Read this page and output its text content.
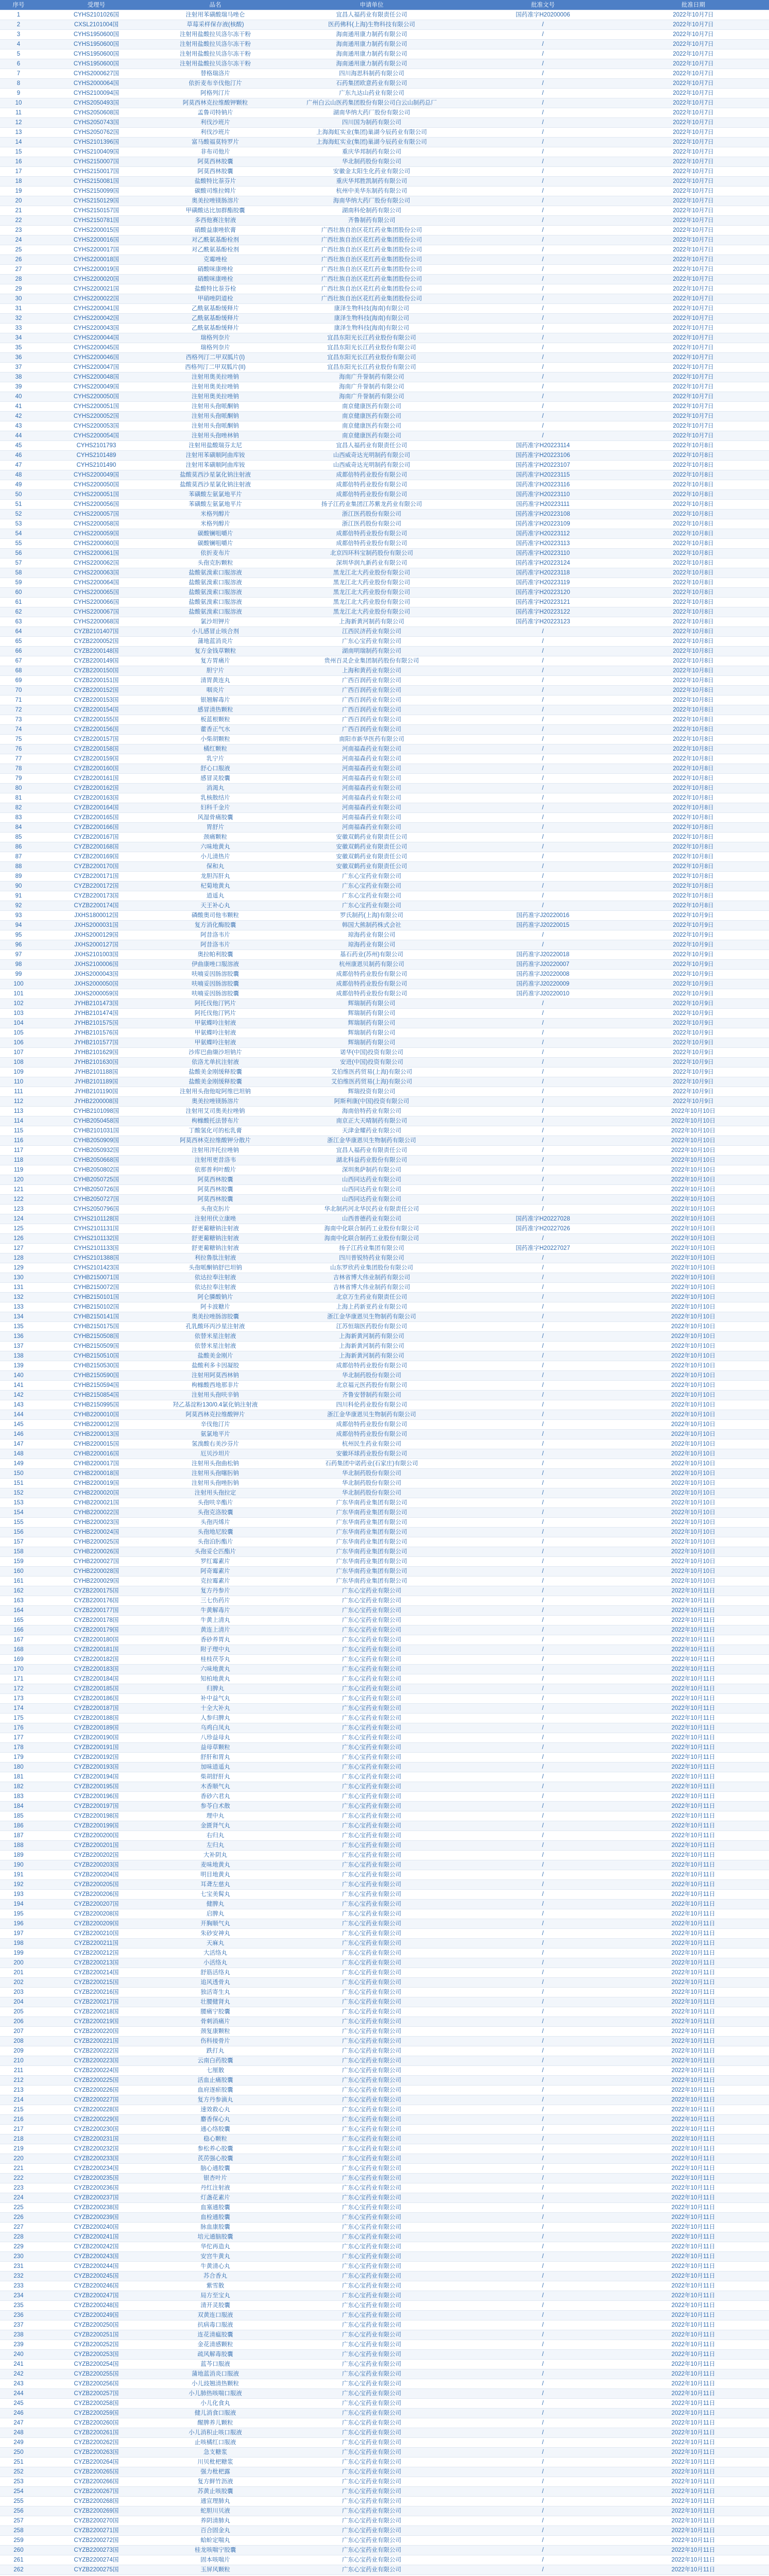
序号	受理号	品名	申请单位	批准文号	批准日期
1	CYHS2101026国	注射用苯磺酸瑞马唑仑	宜昌人福药业有限责任公司	国药准字H20200006	2022年10月7日
2	CXSL2101004国	草莓采样保存液(核酸)	医药佛科(上海)生物科技有限公司	/	2022年10月7日
3	CYHS1950600国	注射用盐酸拉贝洛尔冻干粉	海南通用康力制药有限公司	/	2022年10月7日
4	CYHS1950600国	注射用盐酸拉贝洛尔冻干粉	海南通用康力制药有限公司	/	2022年10月7日
5	CYHS1950600国	注射用盐酸拉贝洛尔冻干粉	海南通用康力制药有限公司	/	2022年10月7日
6	CYHS1950600国	注射用盐酸拉贝洛尔冻干粉	海南通用康力制药有限公司	/	2022年10月7日
7	CYHS2000627国	替格瑞洛片	四川海思科制药有限公司	/	2022年10月7日
8	CYHS2000064国	依折麦布辛伐他汀片	石药集团欧意药业有限公司	/	2022年10月7日
9	CYHS2100094国	阿格列汀片	广东九达山药业有限公司	/	2022年10月7日
10	CYHS2050493国	阿莫西林克拉维酸钾颗粒	广州白云山医药集团股份有限公司白云山制药总厂	/	2022年10月7日
11	CYHS2050608国	孟鲁司特钠片	湖南华纳大药厂股份有限公司	/	2022年10月7日
12	CYHS2050743国	利伐沙班片	四川国为制药有限公司	/	2022年10月7日
13	CYHS2050762国	利伐沙班片	上海海虹实业(集团)巢湖今辰药业有限公司	/	2022年10月7日
14	CYHS2101396国	富马酸福莫特罗片	上海海虹实业(集团)巢湖今辰药业有限公司	/	2022年10月7日
15	CYHS2100409国	非布司他片	重庆华邦制药有限公司	/	2022年10月7日
16	CYHS2150007国	阿莫西林胶囊	华北制药股份有限公司	/	2022年10月7日
17	CYHS2150017国	阿莫西林胶囊	安徽金太阳生化药业有限公司	/	2022年10月7日
18	CYHS2150081国	盐酸特比萘芬片	重庆华邦胜凯制药有限公司	/	2022年10月7日
19	CYHS2150099国	碳酸司维拉姆片	杭州中美华东制药有限公司	/	2022年10月7日
20	CYHS2150129国	奥美拉唑镁肠溶片	海南华纳大药厂股份有限公司	/	2022年10月7日
21	CYHS2150157国	甲磺酸达比加群酯胶囊	湖南科伦制药有限公司	/	2022年10月7日
22	CYHS2150781国	多西他赛注射液	齐鲁制药有限公司	/	2022年10月7日
23	CYHS2200015国	硝酸益康唑软膏	广西壮族自治区花红药业集团股份公司	/	2022年10月7日
24	CYHS2200016国	对乙酰氨基酚栓剂	广西壮族自治区花红药业集团股份公司	/	2022年10月7日
25	CYHS2200017国	对乙酰氨基酚栓剂	广西壮族自治区花红药业集团股份公司	/	2022年10月7日
26	CYHS2200018国	克霉唑栓	广西壮族自治区花红药业集团股份公司	/	2022年10月7日
27	CYHS2200019国	硝酸咪康唑栓	广西壮族自治区花红药业集团股份公司	/	2022年10月7日
28	CYHS2200020国	硝酸咪康唑栓	广西壮族自治区花红药业集团股份公司	/	2022年10月7日
29	CYHS2200021国	盐酸特比萘芬栓	广西壮族自治区花红药业集团股份公司	/	2022年10月7日
30	CYHS2200022国	甲硝唑阴道栓	广西壮族自治区花红药业集团股份公司	/	2022年10月7日
31	CYHS2200041国	乙酰氨基酚缓释片	康泽生物科技(海南)有限公司	/	2022年10月7日
32	CYHS2200042国	乙酰氨基酚缓释片	康泽生物科技(海南)有限公司	/	2022年10月7日
33	CYHS2200043国	乙酰氨基酚缓释片	康泽生物科技(海南)有限公司	/	2022年10月7日
34	CYHS2200044国	瑞格列奈片	宜昌东阳光长江药业股份有限公司	/	2022年10月7日
35	CYHS2200045国	瑞格列奈片	宜昌东阳光长江药业股份有限公司	/	2022年10月7日
36	CYHS2200046国	西格列汀二甲双胍片(I)	宜昌东阳光长江药业股份有限公司	/	2022年10月7日
37	CYHS2200047国	西格列汀二甲双胍片(II)	宜昌东阳光长江药业股份有限公司	/	2022年10月7日
38	CYHS2200048国	注射用奥美拉唑钠	海南广升誉制药有限公司	/	2022年10月7日
39	CYHS2200049国	注射用奥美拉唑钠	海南广升誉制药有限公司	/	2022年10月7日
40	CYHS2200050国	注射用奥美拉唑钠	海南广升誉制药有限公司	/	2022年10月7日
41	CYHS2200051国	注射用头孢哌酮钠	南京健康医药有限公司	/	2022年10月7日
42	CYHS2200052国	注射用头孢哌酮钠	南京健康医药有限公司	/	2022年10月7日
43	CYHS2200053国	注射用头孢哌酮钠	南京健康医药有限公司	/	2022年10月7日
44	CYHS2200054国	注射用头孢唑林钠	南京健康医药有限公司	/	2022年10月7日
45	CYHS2101793	注射用盐酸瑞芬太尼	宜昌人福药业有限责任公司	国药准字H20223114	2022年10月8日
46	CYHS2101489	注射用苯磺顺阿曲库铵	山西威奇达光明制药有限公司	国药准字H20223106	2022年10月8日
47	CYHS2101490	注射用苯磺顺阿曲库铵	山西威奇达光明制药有限公司	国药准字H20223107	2022年10月8日
48	CYHS2200049国	盐酸莫西沙星氯化钠注射液	成都倍特药业股份有限公司	国药准字H20223115	2022年10月8日
49	CYHS2200050国	盐酸莫西沙星氯化钠注射液	成都倍特药业股份有限公司	国药准字H20223116	2022年10月8日
50	CYHS2200051国	苯磺酸左氨氯地平片	成都倍特药业股份有限公司	国药准字H20223110	2022年10月8日
51	CYHS2200056国	苯磺酸左氨氯地平片	扬子江药业集团江苏紫龙药业有限公司	国药准字H20223111	2022年10月8日
52	CYHS2200057国	米格列醇片	浙江医药股份有限公司	国药准字H20223108	2022年10月8日
53	CYHS2200058国	米格列醇片	浙江医药股份有限公司	国药准字H20223109	2022年10月8日
54	CYHS2200059国	碳酸镧咀嚼片	成都倍特药业股份有限公司	国药准字H20223112	2022年10月8日
55	CYHS2200060国	碳酸镧咀嚼片	成都倍特药业股份有限公司	国药准字H20223113	2022年10月8日
56	CYHS2200061国	依折麦布片	北京四环科宝制药股份有限公司	国药准字H20223110	2022年10月8日
57	CYHS2200062国	头孢克肟颗粒	深圳华润九新药业有限公司	国药准字H20223124	2022年10月8日
58	CYHS2200063国	盐酸氨溴索口服溶液	黑龙江北大药业股份有限公司	国药准字H20223118	2022年10月8日
59	CYHS2200064国	盐酸氨溴索口服溶液	黑龙江北大药业股份有限公司	国药准字H20223119	2022年10月8日
60	CYHS2200065国	盐酸氨溴索口服溶液	黑龙江北大药业股份有限公司	国药准字H20223120	2022年10月8日
61	CYHS2200066国	盐酸氨溴索口服溶液	黑龙江北大药业股份有限公司	国药准字H20223121	2022年10月8日
62	CYHS2200067国	盐酸氨溴索口服溶液	黑龙江北大药业股份有限公司	国药准字H20223122	2022年10月8日
63	CYHS2200068国	氯沙坦钾片	上海新黄河制药有限公司	国药准字H20223123	2022年10月8日
64	CYZB2101407国	小儿感冒止咳合剂	江西民济药业有限公司	/	2022年10月8日
65	CYZB2200052国	蒲地蓝消炎片	广东心宝药业有限公司	/	2022年10月8日
66	CYZB2200148国	复方金钱草颗粒	湖南明瑞制药有限公司	/	2022年10月8日
67	CYZB2200149国	复方胃痛片	贵州百灵企业集团制药股份有限公司	/	2022年10月8日
68	CYZB2200150国	胆宁片	上海和黄药业有限公司	/	2022年10月8日
69	CYZB2200151国	清胃黄连丸	广西百润药业有限公司	/	2022年10月8日
70	CYZB2200152国	咽炎片	广西百润药业有限公司	/	2022年10月8日
71	CYZB2200153国	银翘解毒片	广西百润药业有限公司	/	2022年10月8日
72	CYZB2200154国	感冒清热颗粒	广西百润药业有限公司	/	2022年10月8日
73	CYZB2200155国	板蓝根颗粒	广西百润药业有限公司	/	2022年10月8日
74	CYZB2200156国	藿香正气水	广西百润药业有限公司	/	2022年10月8日
75	CYZB2200157国	小柴胡颗粒	南阳市新华医药有限公司	/	2022年10月8日
76	CYZB2200158国	橘红颗粒	河南福森药业有限公司	/	2022年10月8日
77	CYZB2200159国	乳宁片	河南福森药业有限公司	/	2022年10月8日
78	CYZB2200160国	舒心口服液	河南福森药业有限公司	/	2022年10月8日
79	CYZB2200161国	感冒灵胶囊	河南福森药业有限公司	/	2022年10月8日
80	CYZB2200162国	消渴丸	河南福森药业有限公司	/	2022年10月8日
81	CYZB2200163国	乳核散结片	河南福森药业有限公司	/	2022年10月8日
82	CYZB2200164国	妇科千金片	河南福森药业有限公司	/	2022年10月8日
83	CYZB2200165国	风湿骨痛胶囊	河南福森药业有限公司	/	2022年10月8日
84	CYZB2200166国	胃舒片	河南福森药业有限公司	/	2022年10月8日
85	CYZB2200167国	颈痛颗粒	安徽双鹤药业有限责任公司	/	2022年10月8日
86	CYZB2200168国	六味地黄丸	安徽双鹤药业有限责任公司	/	2022年10月8日
87	CYZB2200169国	小儿清热片	安徽双鹤药业有限责任公司	/	2022年10月8日
88	CYZB2200170国	保和丸	安徽双鹤药业有限责任公司	/	2022年10月8日
89	CYZB2200171国	龙胆泻肝丸	广东心宝药业有限公司	/	2022年10月8日
90	CYZB2200172国	杞菊地黄丸	广东心宝药业有限公司	/	2022年10月8日
91	CYZB2200173国	逍遥丸	广东心宝药业有限公司	/	2022年10月8日
92	CYZB2200174国	天王补心丸	广东心宝药业有限公司	/	2022年10月8日
93	JXHS1800012国	磷酸奥司他韦颗粒	罗氏制药(上海)有限公司	国药准字J20220016	2022年10月9日
94	JXHS2000031国	复方消化酶胶囊	韩国大熊制药株式会社	国药准字J20220015	2022年10月9日
95	JXHS2000129国	阿昔洛韦片	琼海药业有限公司	/	2022年10月9日
96	JXHS2000127国	阿昔洛韦片	琼海药业有限公司	/	2022年10月9日
97	JXHS2101003国	奥拉帕利胶囊	基石药业(苏州)有限公司	国药准字J20220018	2022年10月9日
98	JXHS2100006国	伊曲康唑口服溶液	杭州康恩贝制药有限公司	国药准字J20220007	2022年10月9日
99	JXHS2000043国	呋喃妥因肠溶胶囊	成都倍特药业股份有限公司	国药准字J20220008	2022年10月9日
100	JXHS2000050国	呋喃妥因肠溶胶囊	成都倍特药业股份有限公司	国药准字J20220009	2022年10月9日
101	JXHS2000059国	呋喃妥因肠溶胶囊	成都倍特药业股份有限公司	国药准字J20220010	2022年10月9日
102	JYHB2101473国	阿托伐他汀钙片	辉瑞制药有限公司	/	2022年10月9日
103	JYHB2101474国	阿托伐他汀钙片	辉瑞制药有限公司	/	2022年10月9日
104	JYHB2101575国	甲氨蝶呤注射液	辉瑞制药有限公司	/	2022年10月9日
105	JYHB2101576国	甲氨蝶呤注射液	辉瑞制药有限公司	/	2022年10月9日
106	JYHB2101577国	甲氨蝶呤注射液	辉瑞制药有限公司	/	2022年10月9日
107	JYHB2101629国	沙库巴曲缬沙坦钠片	诺华(中国)投资有限公司	/	2022年10月9日
108	JYHB2101630国	依洛尤单抗注射液	安进(中国)投资有限公司	/	2022年10月9日
109	JYHB2101188国	盐酸美金刚缓释胶囊	艾伯维医药贸易(上海)有限公司	/	2022年10月9日
110	JYHB2101189国	盐酸美金刚缓释胶囊	艾伯维医药贸易(上海)有限公司	/	2022年10月9日
111	JYHB2101190国	注射用头孢他啶阿维巴坦钠	辉瑞投资有限公司	/	2022年10月9日
112	JYHB2200008国	奥美拉唑镁肠溶片	阿斯利康(中国)投资有限公司	/	2022年10月9日
113	CYHB2101098国	注射用艾司奥美拉唑钠	海南倍特药业有限公司	/	2022年10月10日
114	CYHB2050458国	枸橼酸托法替布片	南京正大天晴制药有限公司	/	2022年10月10日
115	CYHB2101031国	丁酸氢化可的松乳膏	天津金耀药业有限公司	/	2022年10月10日
116	CYHB2050909国	阿莫西林克拉维酸钾分散片	浙江金华康恩贝生物制药有限公司	/	2022年10月10日
117	CYHB2050932国	注射用泮托拉唑钠	宜昌人福药业有限责任公司	/	2022年10月10日
118	CYHB2050668国	注射用更昔洛韦	湖北科益药业股份有限公司	/	2022年10月10日
119	CYHB2050802国	依那普利叶酸片	深圳奥萨制药有限公司	/	2022年10月10日
120	CYHB2050725国	阿莫西林胶囊	山西同达药业有限公司	/	2022年10月10日
121	CYHB2050726国	阿莫西林胶囊	山西同达药业有限公司	/	2022年10月10日
122	CYHB2050727国	阿莫西林胶囊	山西同达药业有限公司	/	2022年10月10日
123	CYHS2050796国	头孢克肟片	华北制药河北华民药业有限责任公司	/	2022年10月10日
124	CYHS2101128国	注射用伏立康唑	山西普德药业有限公司	国药准字H20227028	2022年10月10日
125	CYHS2101131国	舒更葡糖钠注射液	海南中化联合制药工业股份有限公司	国药准字H20227026	2022年10月10日
126	CYHS2101132国	舒更葡糖钠注射液	海南中化联合制药工业股份有限公司	/	2022年10月10日
127	CYHS2101133国	舒更葡糖钠注射液	扬子江药业集团有限公司	国药准字H20227027	2022年10月10日
128	CYHS2101388国	利拉鲁肽注射液	四川普锐特药业有限公司	/	2022年10月10日
129	CYHS2101423国	头孢哌酮钠舒巴坦钠	山东罗欣药业集团股份有限公司	/	2022年10月10日
130	CYHB2150071国	依达拉奉注射液	吉林省博大伟业制药有限公司	/	2022年10月10日
131	CYHB2150072国	依达拉奉注射液	吉林省博大伟业制药有限公司	/	2022年10月10日
132	CYHB2150101国	阿仑膦酸钠片	北京万生药业有限责任公司	/	2022年10月10日
133	CYHB2150102国	阿卡波糖片	上海上药新亚药业有限公司	/	2022年10月10日
134	CYHB2150141国	奥美拉唑肠溶胶囊	浙江金华康恩贝生物制药有限公司	/	2022年10月10日
135	CYHB2150175国	孔乳酸环丙沙星注射液	江苏恒瑞医药股份有限公司	/	2022年10月10日
136	CYHB2150508国	依替米星注射液	上海新黄河制药有限公司	/	2022年10月10日
137	CYHB2150509国	依替米星注射液	上海新黄河制药有限公司	/	2022年10月10日
138	CYHB2150510国	盐酸美金刚片	上海新黄河制药有限公司	/	2022年10月10日
139	CYHB2150530国	盐酸利多卡因凝胶	成都倍特药业股份有限公司	/	2022年10月10日
140	CYHB2150590国	注射用阿莫西林钠	华北制药股份有限公司	/	2022年10月10日
141	CYHB2150594国	枸橼酸西地那非片	北京福元医药股份有限公司	/	2022年10月10日
142	CYHB2150854国	注射用头孢呋辛钠	齐鲁安替制药有限公司	/	2022年10月10日
143	CYHB2150995国	羟乙基淀粉130/0.4氯化钠注射液	四川科伦药业股份有限公司	/	2022年10月10日
144	CYHB2200010国	阿莫西林克拉维酸钾片	浙江金华康恩贝生物制药有限公司	/	2022年10月10日
145	CYHB2200012国	辛伐他汀片	成都倍特药业股份有限公司	/	2022年10月10日
146	CYHB2200013国	氨氯地平片	成都倍特药业股份有限公司	/	2022年10月10日
147	CYHB2200015国	氢溴酸右美沙芬片	杭州民生药业有限公司	/	2022年10月10日
148	CYHB2200016国	厄贝沙坦片	安徽环球药业股份有限公司	/	2022年10月10日
149	CYHB2200017国	注射用头孢曲松钠	石药集团中诺药业(石家庄)有限公司	/	2022年10月10日
150	CYHB2200018国	注射用头孢噻肟钠	华北制药股份有限公司	/	2022年10月10日
151	CYHB2200019国	注射用头孢唑肟钠	华北制药股份有限公司	/	2022年10月10日
152	CYHB2200020国	注射用头孢拉定	华北制药股份有限公司	/	2022年10月10日
153	CYHB2200021国	头孢呋辛酯片	广东华南药业集团有限公司	/	2022年10月10日
154	CYHB2200022国	头孢克洛胶囊	广东华南药业集团有限公司	/	2022年10月10日
155	CYHB2200023国	头孢丙烯片	广东华南药业集团有限公司	/	2022年10月10日
156	CYHB2200024国	头孢地尼胶囊	广东华南药业集团有限公司	/	2022年10月10日
157	CYHB2200025国	头孢泊肟酯片	广东华南药业集团有限公司	/	2022年10月10日
158	CYHB2200026国	头孢妥仑匹酯片	广东华南药业集团有限公司	/	2022年10月10日
159	CYHB2200027国	罗红霉素片	广东华南药业集团有限公司	/	2022年10月10日
160	CYHB2200028国	阿奇霉素片	广东华南药业集团有限公司	/	2022年10月10日
161	CYHB2200029国	克拉霉素片	广东华南药业集团有限公司	/	2022年10月10日
162	CYZB2200175国	复方丹参片	广东心宝药业有限公司	/	2022年10月11日
163	CYZB2200176国	三七伤药片	广东心宝药业有限公司	/	2022年10月11日
164	CYZB2200177国	牛黄解毒片	广东心宝药业有限公司	/	2022年10月11日
165	CYZB2200178国	牛黄上清丸	广东心宝药业有限公司	/	2022年10月11日
166	CYZB2200179国	黄连上清片	广东心宝药业有限公司	/	2022年10月11日
167	CYZB2200180国	香砂养胃丸	广东心宝药业有限公司	/	2022年10月11日
168	CYZB2200181国	附子理中丸	广东心宝药业有限公司	/	2022年10月11日
169	CYZB2200182国	桂枝茯苓丸	广东心宝药业有限公司	/	2022年10月11日
170	CYZB2200183国	六味地黄丸	广东心宝药业有限公司	/	2022年10月11日
171	CYZB2200184国	知柏地黄丸	广东心宝药业有限公司	/	2022年10月11日
172	CYZB2200185国	归脾丸	广东心宝药业有限公司	/	2022年10月11日
173	CYZB2200186国	补中益气丸	广东心宝药业有限公司	/	2022年10月11日
174	CYZB2200187国	十全大补丸	广东心宝药业有限公司	/	2022年10月11日
175	CYZB2200188国	人参归脾丸	广东心宝药业有限公司	/	2022年10月11日
176	CYZB2200189国	乌鸡白凤丸	广东心宝药业有限公司	/	2022年10月11日
177	CYZB2200190国	八珍益母丸	广东心宝药业有限公司	/	2022年10月11日
178	CYZB2200191国	益母草颗粒	广东心宝药业有限公司	/	2022年10月11日
179	CYZB2200192国	舒肝和胃丸	广东心宝药业有限公司	/	2022年10月11日
180	CYZB2200193国	加味逍遥丸	广东心宝药业有限公司	/	2022年10月11日
181	CYZB2200194国	柴胡舒肝丸	广东心宝药业有限公司	/	2022年10月11日
182	CYZB2200195国	木香顺气丸	广东心宝药业有限公司	/	2022年10月11日
183	CYZB2200196国	香砂六君丸	广东心宝药业有限公司	/	2022年10月11日
184	CYZB2200197国	参苓白术散	广东心宝药业有限公司	/	2022年10月11日
185	CYZB2200198国	理中丸	广东心宝药业有限公司	/	2022年10月11日
186	CYZB2200199国	金匮肾气丸	广东心宝药业有限公司	/	2022年10月11日
187	CYZB2200200国	右归丸	广东心宝药业有限公司	/	2022年10月11日
188	CYZB2200201国	左归丸	广东心宝药业有限公司	/	2022年10月11日
189	CYZB2200202国	大补阴丸	广东心宝药业有限公司	/	2022年10月11日
190	CYZB2200203国	麦味地黄丸	广东心宝药业有限公司	/	2022年10月11日
191	CYZB2200204国	明目地黄丸	广东心宝药业有限公司	/	2022年10月11日
192	CYZB2200205国	耳聋左慈丸	广东心宝药业有限公司	/	2022年10月11日
193	CYZB2200206国	七宝美髯丸	广东心宝药业有限公司	/	2022年10月11日
194	CYZB2200207国	健脾丸	广东心宝药业有限公司	/	2022年10月11日
195	CYZB2200208国	启脾丸	广东心宝药业有限公司	/	2022年10月11日
196	CYZB2200209国	开胸顺气丸	广东心宝药业有限公司	/	2022年10月11日
197	CYZB2200210国	朱砂安神丸	广东心宝药业有限公司	/	2022年10月11日
198	CYZB2200211国	天麻丸	广东心宝药业有限公司	/	2022年10月11日
199	CYZB2200212国	大活络丸	广东心宝药业有限公司	/	2022年10月11日
200	CYZB2200213国	小活络丸	广东心宝药业有限公司	/	2022年10月11日
201	CYZB2200214国	舒筋活络丸	广东心宝药业有限公司	/	2022年10月11日
202	CYZB2200215国	追风透骨丸	广东心宝药业有限公司	/	2022年10月11日
203	CYZB2200216国	独活寄生丸	广东心宝药业有限公司	/	2022年10月11日
204	CYZB2200217国	壮腰健肾丸	广东心宝药业有限公司	/	2022年10月11日
205	CYZB2200218国	腰痛宁胶囊	广东心宝药业有限公司	/	2022年10月11日
206	CYZB2200219国	骨刺消痛片	广东心宝药业有限公司	/	2022年10月11日
207	CYZB2200220国	颈复康颗粒	广东心宝药业有限公司	/	2022年10月11日
208	CYZB2200221国	伤科接骨片	广东心宝药业有限公司	/	2022年10月11日
209	CYZB2200222国	跌打丸	广东心宝药业有限公司	/	2022年10月11日
210	CYZB2200223国	云南白药胶囊	广东心宝药业有限公司	/	2022年10月11日
211	CYZB2200224国	七厘散	广东心宝药业有限公司	/	2022年10月11日
212	CYZB2200225国	活血止痛胶囊	广东心宝药业有限公司	/	2022年10月11日
213	CYZB2200226国	血府逐瘀胶囊	广东心宝药业有限公司	/	2022年10月11日
214	CYZB2200227国	复方丹参滴丸	广东心宝药业有限公司	/	2022年10月11日
215	CYZB2200228国	速效救心丸	广东心宝药业有限公司	/	2022年10月11日
216	CYZB2200229国	麝香保心丸	广东心宝药业有限公司	/	2022年10月11日
217	CYZB2200230国	通心络胶囊	广东心宝药业有限公司	/	2022年10月11日
218	CYZB2200231国	稳心颗粒	广东心宝药业有限公司	/	2022年10月11日
219	CYZB2200232国	参松养心胶囊	广东心宝药业有限公司	/	2022年10月11日
220	CYZB2200233国	芪苈强心胶囊	广东心宝药业有限公司	/	2022年10月11日
221	CYZB2200234国	脑心通胶囊	广东心宝药业有限公司	/	2022年10月11日
222	CYZB2200235国	银杏叶片	广东心宝药业有限公司	/	2022年10月11日
223	CYZB2200236国	丹红注射液	广东心宝药业有限公司	/	2022年10月11日
224	CYZB2200237国	灯盏花素片	广东心宝药业有限公司	/	2022年10月11日
225	CYZB2200238国	血塞通胶囊	广东心宝药业有限公司	/	2022年10月11日
226	CYZB2200239国	血栓通胶囊	广东心宝药业有限公司	/	2022年10月11日
227	CYZB2200240国	脉血康胶囊	广东心宝药业有限公司	/	2022年10月11日
228	CYZB2200241国	培元通脑胶囊	广东心宝药业有限公司	/	2022年10月11日
229	CYZB2200242国	华佗再造丸	广东心宝药业有限公司	/	2022年10月11日
230	CYZB2200243国	安宫牛黄丸	广东心宝药业有限公司	/	2022年10月11日
231	CYZB2200244国	牛黄清心丸	广东心宝药业有限公司	/	2022年10月11日
232	CYZB2200245国	苏合香丸	广东心宝药业有限公司	/	2022年10月11日
233	CYZB2200246国	紫雪散	广东心宝药业有限公司	/	2022年10月11日
234	CYZB2200247国	局方至宝丸	广东心宝药业有限公司	/	2022年10月11日
235	CYZB2200248国	清开灵胶囊	广东心宝药业有限公司	/	2022年10月11日
236	CYZB2200249国	双黄连口服液	广东心宝药业有限公司	/	2022年10月11日
237	CYZB2200250国	抗病毒口服液	广东心宝药业有限公司	/	2022年10月11日
238	CYZB2200251国	连花清瘟胶囊	广东心宝药业有限公司	/	2022年10月11日
239	CYZB2200252国	金花清感颗粒	广东心宝药业有限公司	/	2022年10月11日
240	CYZB2200253国	疏风解毒胶囊	广东心宝药业有限公司	/	2022年10月11日
241	CYZB2200254国	蓝芩口服液	广东心宝药业有限公司	/	2022年10月11日
242	CYZB2200255国	蒲地蓝消炎口服液	广东心宝药业有限公司	/	2022年10月11日
243	CYZB2200256国	小儿豉翘清热颗粒	广东心宝药业有限公司	/	2022年10月11日
244	CYZB2200257国	小儿肺热咳喘口服液	广东心宝药业有限公司	/	2022年10月11日
245	CYZB2200258国	小儿化食丸	广东心宝药业有限公司	/	2022年10月11日
246	CYZB2200259国	健儿消食口服液	广东心宝药业有限公司	/	2022年10月11日
247	CYZB2200260国	醒脾养儿颗粒	广东心宝药业有限公司	/	2022年10月11日
248	CYZB2200261国	小儿消积止咳口服液	广东心宝药业有限公司	/	2022年10月11日
249	CYZB2200262国	止咳橘红口服液	广东心宝药业有限公司	/	2022年10月11日
250	CYZB2200263国	急支糖浆	广东心宝药业有限公司	/	2022年10月11日
251	CYZB2200264国	川贝枇杷糖浆	广东心宝药业有限公司	/	2022年10月11日
252	CYZB2200265国	强力枇杷露	广东心宝药业有限公司	/	2022年10月11日
253	CYZB2200266国	复方鲜竹沥液	广东心宝药业有限公司	/	2022年10月11日
254	CYZB2200267国	苏黄止咳胶囊	广东心宝药业有限公司	/	2022年10月11日
255	CYZB2200268国	通宣理肺丸	广东心宝药业有限公司	/	2022年10月11日
256	CYZB2200269国	蛇胆川贝液	广东心宝药业有限公司	/	2022年10月11日
257	CYZB2200270国	养阴清肺丸	广东心宝药业有限公司	/	2022年10月11日
258	CYZB2200271国	百合固金丸	广东心宝药业有限公司	/	2022年10月11日
259	CYZB2200272国	蛤蚧定喘丸	广东心宝药业有限公司	/	2022年10月11日
260	CYZB2200273国	桂龙咳喘宁胶囊	广东心宝药业有限公司	/	2022年10月11日
261	CYZB2200274国	固本咳喘片	广东心宝药业有限公司	/	2022年10月11日
262	CYZB2200275国	玉屏风颗粒	广东心宝药业有限公司	/	2022年10月11日
